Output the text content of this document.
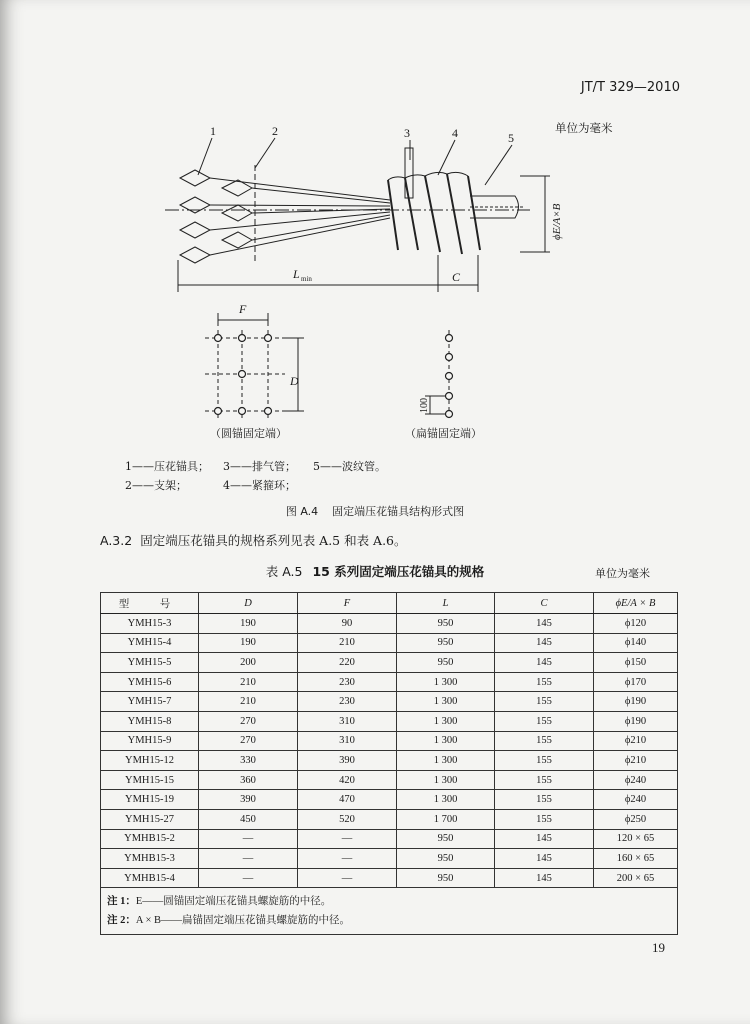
JT/T 329—2010
单位为毫米
1	2	3	4	5
L min	C
F
D
ϕE/A×B
100
（圆锚固定端）	（扁锚固定端）
1——压花锚具； 3——排气管； 5——波纹管。
2——支架；	4——紧箍环；
图 A.4 固定端压花锚具结构形式图
A.3.2 固定端压花锚具的规格系列见表 A.5 和表 A.6。
表 A.5 15 系列固定端压花锚具的规格	单位为毫米
型　号	D	F	L	C	ϕE/A × B
YMH15-3	190	90	950	145	ϕ120
YMH15-4	190	210	950	145	ϕ140
YMH15-5	200	220	950	145	ϕ150
YMH15-6	210	230	1 300	155	ϕ170
YMH15-7	210	230	1 300	155	ϕ190
YMH15-8	270	310	1 300	155	ϕ190
YMH15-9	270	310	1 300	155	ϕ210
YMH15-12	330	390	1 300	155	ϕ210
YMH15-15	360	420	1 300	155	ϕ240
YMH15-19	390	470	1 300	155	ϕ240
YMH15-27	450	520	1 700	155	ϕ250
YMHB15-2	—	—	950	145	120 × 65
YMHB15-3	—	—	950	145	160 × 65
YMHB15-4	—	—	950	145	200 × 65

注 1：E——圆锚固定端压花锚具螺旋筋的中径。
注 2：A × B——扁锚固定端压花锚具螺旋筋的中径。					
19
